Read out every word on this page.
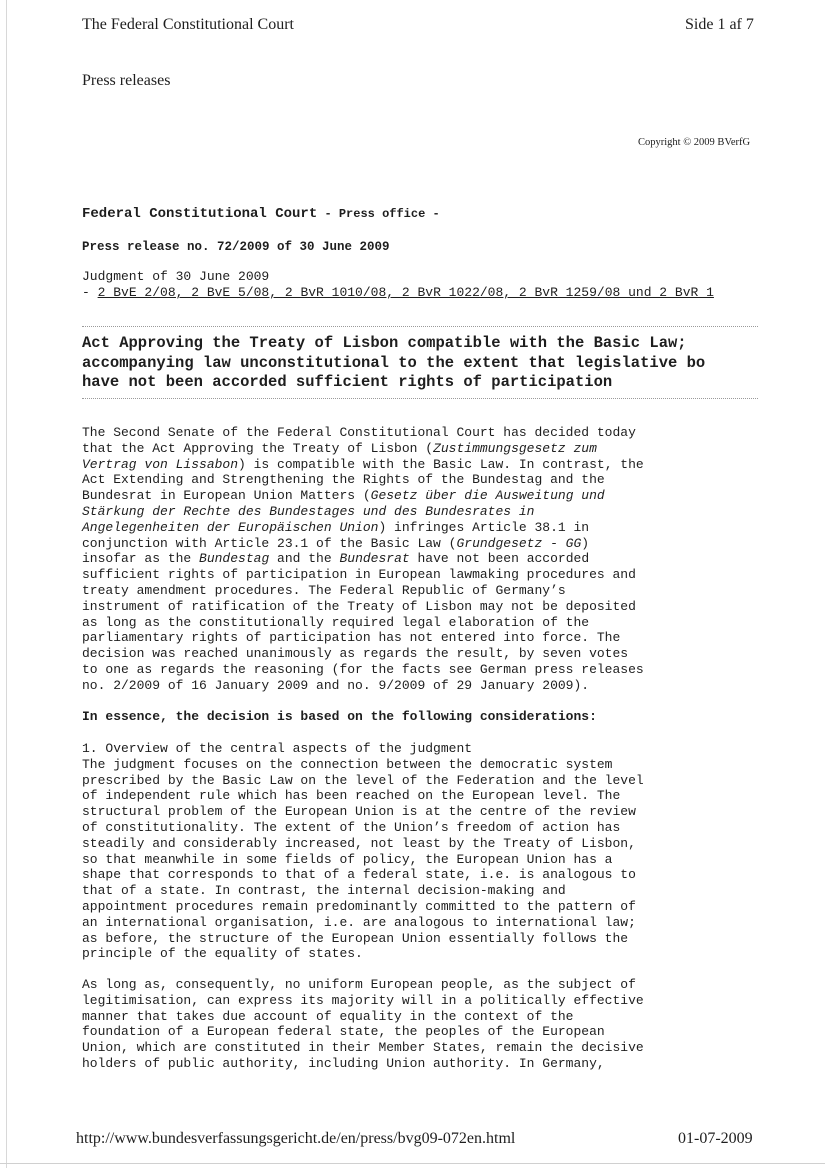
The Federal Constitutional Court	Side 1 af 7
Press releases
Copyright © 2009 BVerfG
Federal Constitutional Court - Press office -
Press release no. 72/2009 of 30 June 2009
Judgment of 30 June 2009
- 2 BvE 2/08, 2 BvE 5/08, 2 BvR 1010/08, 2 BvR 1022/08, 2 BvR 1259/08 und 2 BvR 1
Act Approving the Treaty of Lisbon compatible with the Basic Law;
accompanying law unconstitutional to the extent that legislative bo
have not been accorded sufficient rights of participation
The Second Senate of the Federal Constitutional Court has decided today
that the Act Approving the Treaty of Lisbon (Zustimmungsgesetz zum
Vertrag von Lissabon) is compatible with the Basic Law. In contrast, the
Act Extending and Strengthening the Rights of the Bundestag and the
Bundesrat in European Union Matters (Gesetz über die Ausweitung und
Stärkung der Rechte des Bundestages und des Bundesrates in
Angelegenheiten der Europäischen Union) infringes Article 38.1 in
conjunction with Article 23.1 of the Basic Law (Grundgesetz - GG)
insofar as the Bundestag and the Bundesrat have not been accorded
sufficient rights of participation in European lawmaking procedures and
treaty amendment procedures. The Federal Republic of Germany’s
instrument of ratification of the Treaty of Lisbon may not be deposited
as long as the constitutionally required legal elaboration of the
parliamentary rights of participation has not entered into force. The
decision was reached unanimously as regards the result, by seven votes
to one as regards the reasoning (for the facts see German press releases
no. 2/2009 of 16 January 2009 and no. 9/2009 of 29 January 2009).
In essence, the decision is based on the following considerations:
1. Overview of the central aspects of the judgment
The judgment focuses on the connection between the democratic system
prescribed by the Basic Law on the level of the Federation and the level
of independent rule which has been reached on the European level. The
structural problem of the European Union is at the centre of the review
of constitutionality. The extent of the Union’s freedom of action has
steadily and considerably increased, not least by the Treaty of Lisbon,
so that meanwhile in some fields of policy, the European Union has a
shape that corresponds to that of a federal state, i.e. is analogous to
that of a state. In contrast, the internal decision-making and
appointment procedures remain predominantly committed to the pattern of
an international organisation, i.e. are analogous to international law;
as before, the structure of the European Union essentially follows the
principle of the equality of states.
As long as, consequently, no uniform European people, as the subject of
legitimisation, can express its majority will in a politically effective
manner that takes due account of equality in the context of the
foundation of a European federal state, the peoples of the European
Union, which are constituted in their Member States, remain the decisive
holders of public authority, including Union authority. In Germany,
http://www.bundesverfassungsgericht.de/en/press/bvg09-072en.html	01-07-2009
